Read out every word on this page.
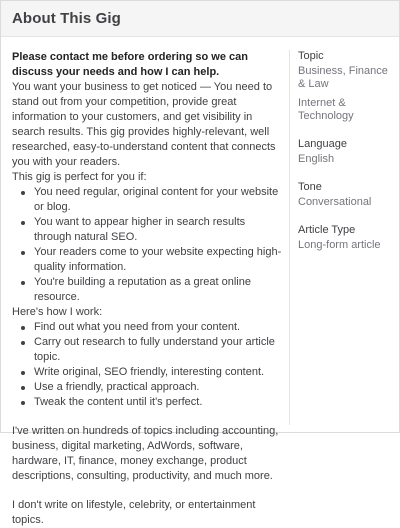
About This Gig

Please contact me before ordering so we can discuss your needs and how I can help.

You want your business to get noticed — You need to stand out from your competition, provide great information to your customers, and get visibility in search results. This gig provides highly-relevant, well researched, easy-to-understand content that connects you with your readers.

This gig is perfect for you if:

You need regular, original content for your website or blog.
You want to appear higher in search results through natural SEO.
Your readers come to your website expecting high-quality information.
You're building a reputation as a great online resource.

Here's how I work:

Find out what you need from your content.
Carry out research to fully understand your article topic.
Write original, SEO friendly, interesting content.
Use a friendly, practical approach.
Tweak the content until it's perfect.

I've written on hundreds of topics including accounting, business, digital marketing, AdWords, software, hardware, IT, finance, money exchange, product descriptions, consulting, productivity, and much more.

I don't write on lifestyle, celebrity, or entertainment topics.

Topic
Business, Finance & Law
Internet & Technology
Language
English
Tone
Conversational
Article Type
Long-form article
